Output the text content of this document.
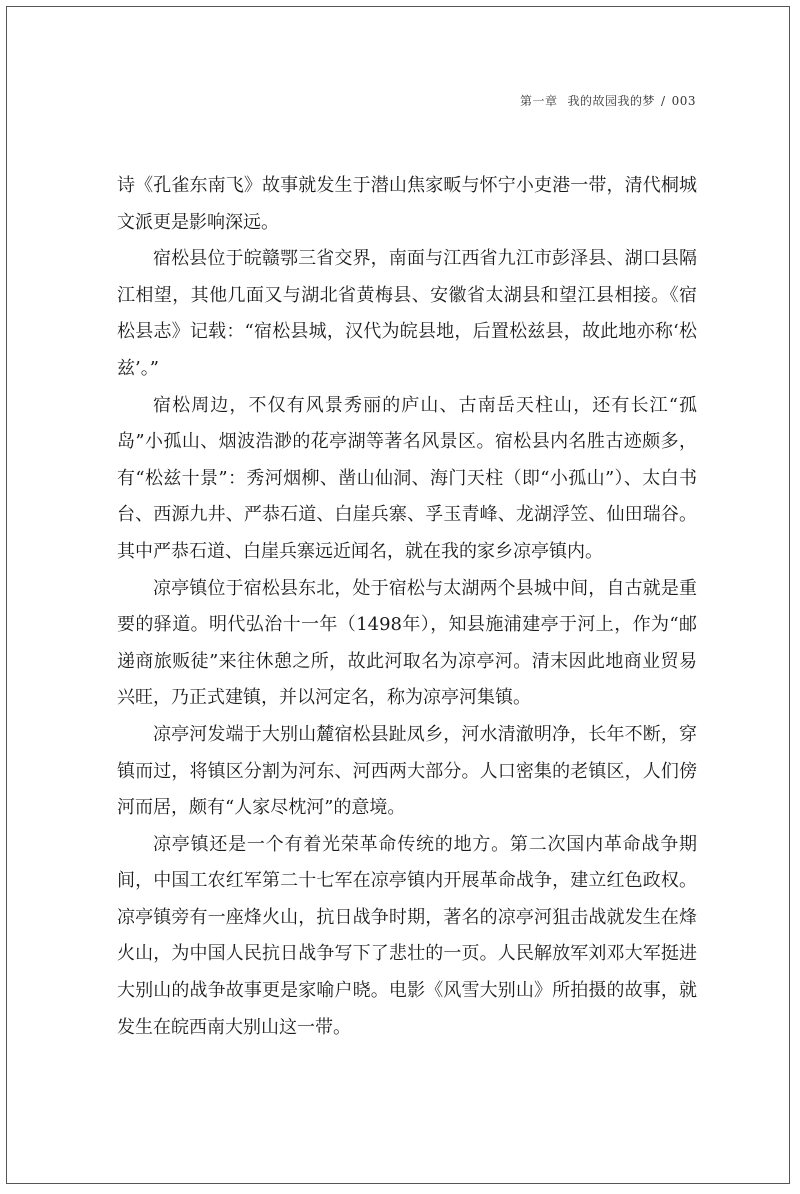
第一章 我的故园我的梦 / 003

诗《孔雀东南飞》故事就发生于潜山焦家畈与怀宁小吏港一带，清代桐城文派更是影响深远。

宿松县位于皖赣鄂三省交界，南面与江西省九江市彭泽县、湖口县隔江相望，其他几面又与湖北省黄梅县、安徽省太湖县和望江县相接。《宿松县志》记载：“宿松县城，汉代为皖县地，后置松兹县，故此地亦称‘松兹’。”

宿松周边，不仅有风景秀丽的庐山、古南岳天柱山，还有长江“孤岛”小孤山、烟波浩渺的花亭湖等著名风景区。宿松县内名胜古迹颇多，有“松兹十景”：秀河烟柳、凿山仙洞、海门天柱（即“小孤山”）、太白书台、西源九井、严恭石道、白崖兵寨、孚玉青峰、龙湖浮笠、仙田瑞谷。其中严恭石道、白崖兵寨远近闻名，就在我的家乡凉亭镇内。

凉亭镇位于宿松县东北，处于宿松与太湖两个县城中间，自古就是重要的驿道。明代弘治十一年（1498年），知县施浦建亭于河上，作为“邮递商旅贩徒”来往休憩之所，故此河取名为凉亭河。清末因此地商业贸易兴旺，乃正式建镇，并以河定名，称为凉亭河集镇。

凉亭河发端于大别山麓宿松县趾凤乡，河水清澈明净，长年不断，穿镇而过，将镇区分割为河东、河西两大部分。人口密集的老镇区，人们傍河而居，颇有“人家尽枕河”的意境。

凉亭镇还是一个有着光荣革命传统的地方。第二次国内革命战争期间，中国工农红军第二十七军在凉亭镇内开展革命战争，建立红色政权。凉亭镇旁有一座烽火山，抗日战争时期，著名的凉亭河狙击战就发生在烽火山，为中国人民抗日战争写下了悲壮的一页。人民解放军刘邓大军挺进大别山的战争故事更是家喻户晓。电影《风雪大别山》所拍摄的故事，就发生在皖西南大别山这一带。
